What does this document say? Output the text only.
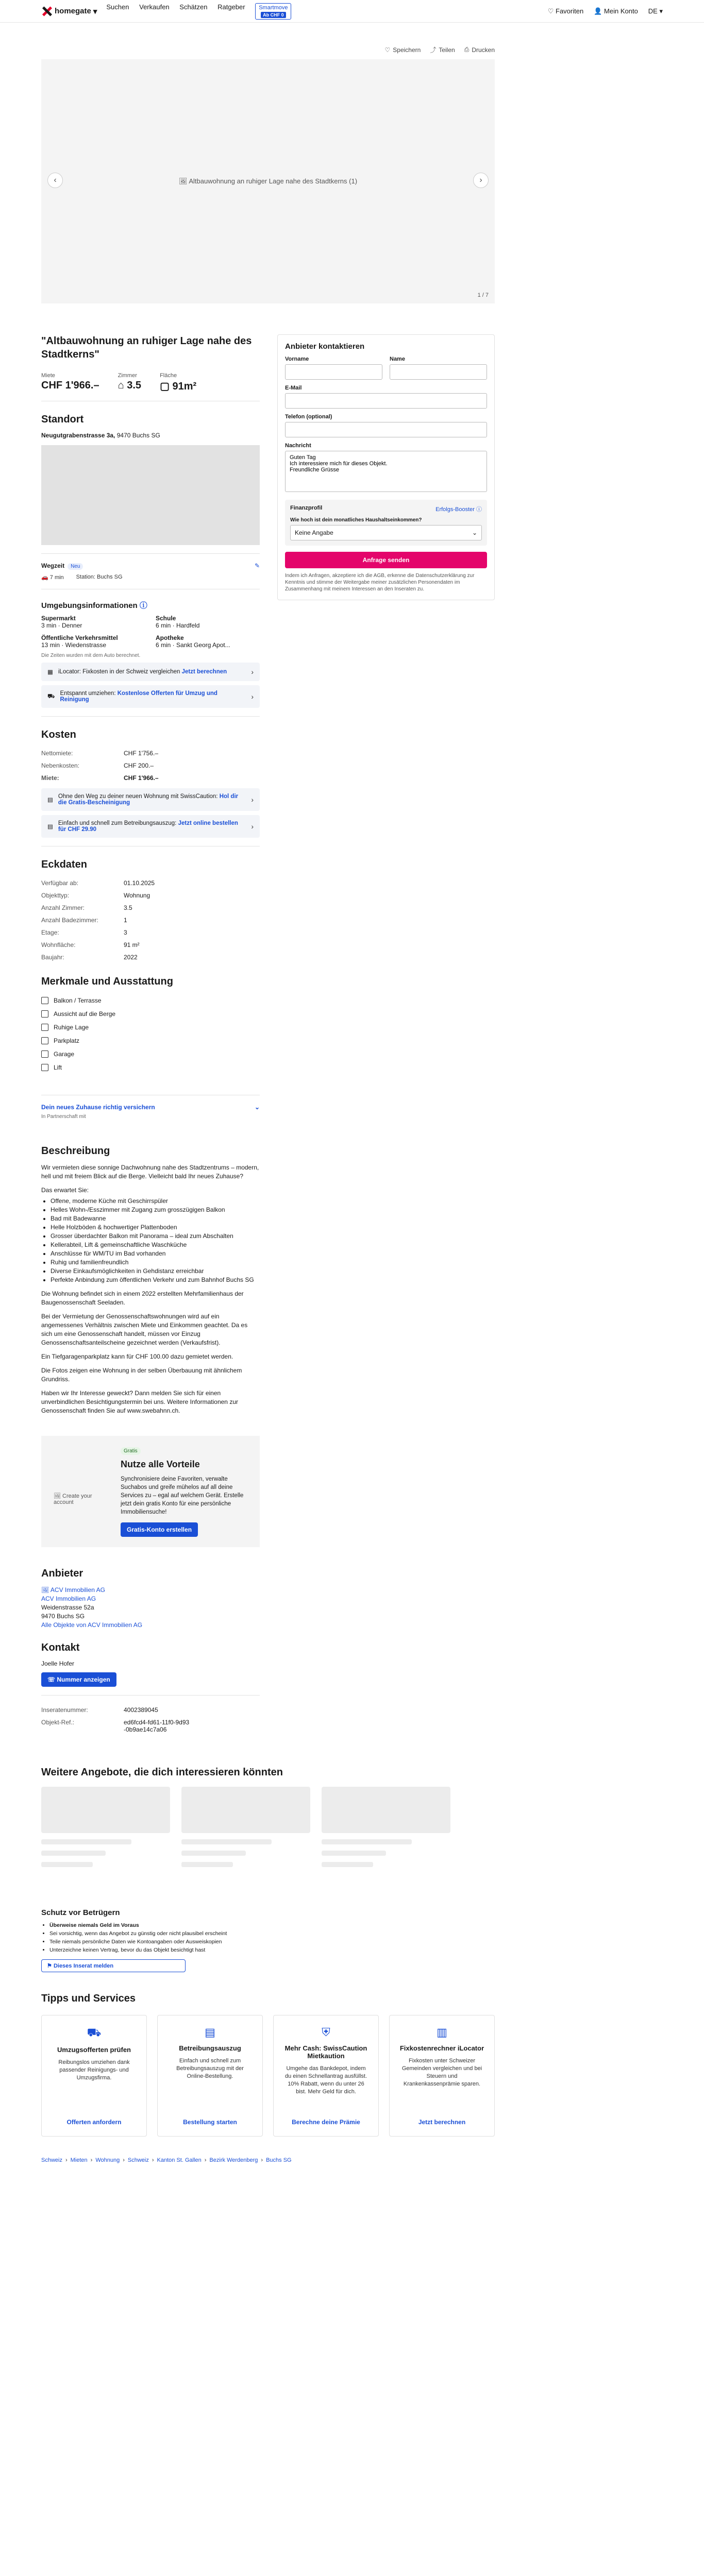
homegate ▾
Suchen Verkaufen Schätzen Ratgeber Smartmove
Ab CHF 0	♡ Favoriten 👤 Mein Konto DE ▾
♡ Speichern ⤴ Teilen ⎙ Drucken
🖼 Altbauwohnung an ruhiger Lage nahe des Stadtkerns (1)
‹	›
1 / 7
"Altbauwohnung an ruhiger Lage nahe des Stadtkerns"
Miete
CHF 1'966.–
Zimmer
⌂ 3.5
Fläche
▢ 91m²
Standort
Neugutgrabenstrasse 3a, 9470 Buchs SG
Wegzeit Neu	✎
🚗 7 min Station: Buchs SG
Umgebungsinformationen ⓘ
Supermarkt
3 min · Denner
Schule
6 min · Hardfeld
Öffentliche Verkehrsmittel
13 min · Wiedenstrasse
Apotheke
6 min · Sankt Georg Apot...
Die Zeiten wurden mit dem Auto berechnet.
▦ iLocator: Fixkosten in der Schweiz vergleichen Jetzt berechnen	›
⛟ Entspannt umziehen: Kostenlose Offerten für Umzug und Reinigung	›
Kosten
Nettomiete:	CHF 1'756.–
Nebenkosten:	CHF 200.–
Miete:	CHF 1'966.–
▤
Ohne den Weg zu deiner neuen Wohnung mit SwissCaution: Hol dir die Gratis-Bescheinigung	›
▤
Einfach und schnell zum Betreibungsauszug: Jetzt online bestellen für CHF 29.90	›
Eckdaten
Verfügbar ab:	01.10.2025
Objekttyp:	Wohnung
Anzahl Zimmer:	3.5
Anzahl Badezimmer:	1
Etage:	3
Wohnfläche:	91 m²
Baujahr:	2022
Merkmale und Ausstattung
Balkon / Terrasse
Aussicht auf die Berge
Ruhige Lage
Parkplatz
Garage
Lift
Dein neues Zuhause richtig versichern	⌄
In Partnerschaft mit
Beschreibung

Wir vermieten diese sonnige Dachwohnung nahe des Stadtzentrums – modern, hell und mit freiem Blick auf die Berge. Vielleicht bald Ihr neues Zuhause?

Das erwartet Sie:

• Offene, moderne Küche mit Geschirrspüler
• Helles Wohn-/Esszimmer mit Zugang zum grosszügigen Balkon
• Bad mit Badewanne
• Helle Holzböden & hochwertiger Plattenboden
• Grosser überdachter Balkon mit Panorama – ideal zum Abschalten
• Kellerabteil, Lift & gemeinschaftliche Waschküche
• Anschlüsse für WM/TU im Bad vorhanden
• Ruhig und familienfreundlich
• Diverse Einkaufsmöglichkeiten in Gehdistanz erreichbar
• Perfekte Anbindung zum öffentlichen Verkehr und zum Bahnhof Buchs SG

Die Wohnung befindet sich in einem 2022 erstellten Mehrfamilienhaus der Baugenossenschaft Seeladen.

Bei der Vermietung der Genossenschaftswohnungen wird auf ein angemessenes Verhältnis zwischen Miete und Einkommen geachtet. Da es sich um eine Genossenschaft handelt, müssen vor Einzug Genossenschaftsanteilscheine gezeichnet werden (Verkaufsfrist).

Ein Tiefgaragenparkplatz kann für CHF 100.00 dazu gemietet werden.

Die Fotos zeigen eine Wohnung in der selben Überbauung mit ähnlichem Grundriss.

Haben wir Ihr Interesse geweckt? Dann melden Sie sich für einen unverbindlichen Besichtigungstermin bei uns. Weitere Informationen zur Genossenschaft finden Sie auf www.swebahnn.ch.

🖼 Create your account
Gratis
Nutze alle Vorteile
Synchronisiere deine Favoriten, verwalte Suchabos und greife mühelos auf all deine Services zu – egal auf welchem Gerät. Erstelle jetzt dein gratis Konto für eine persönliche Immobiliensuche!
Gratis-Konto erstellen
Anbieter
🖼 ACV Immobilien AG
ACV Immobilien AG
Weidenstrasse 52a
9470 Buchs SG
Alle Objekte von ACV Immobilien AG
Kontakt
Joelle Hofer
☏ Nummer anzeigen
Inseratenummer:	4002389045
Objekt-Ref.:	ed6fcd4-fd61-11f0-9d93-0b9ae14c7a06
Anbieter kontaktieren
Vorname	Name
E-Mail
Telefon (optional)
Nachricht
Guten Tag Ich interessiere mich für dieses Objekt. Freundliche Grüsse
Finanzprofil	Erfolgs-Booster ⓘ
Wie hoch ist dein monatliches Haushaltseinkommen?
Keine Angabe	⌄
Anfrage senden
Indem ich Anfragen, akzeptiere ich die AGB, erkenne die Datenschutzerklärung zur Kenntnis und stimme der Weitergabe meiner zusätzlichen Personendaten im Zusammenhang mit meinem Interessen an den Inseraten zu.
Weitere Angebote, die dich interessieren könnten
Schutz vor Betrügern
• Überweise niemals Geld im Voraus
• Sei vorsichtig, wenn das Angebot zu günstig oder nicht plausibel erscheint
• Teile niemals persönliche Daten wie Kontoangaben oder Ausweiskopien
• Unterzeichne keinen Vertrag, bevor du das Objekt besichtigt hast
⚑ Dieses Inserat melden
Tipps und Services
⛟
Umzugsofferten prüfen
Reibungslos umziehen dank passender Reinigungs- und Umzugsfirma.
Offerten anfordern
▤
Betreibungsauszug
Einfach und schnell zum Betreibungsauszug mit der Online-Bestellung.
Bestellung starten
⛨
Mehr Cash: SwissCaution Mietkaution
Umgehe das Bankdepot, indem du einen Schnellantrag ausfüllst. 10% Rabatt, wenn du unter 26 bist. Mehr Geld für dich.
Berechne deine Prämie
▥
Fixkostenrechner iLocator
Fixkosten unter Schweizer Gemeinden vergleichen und bei Steuern und Krankenkassenprämie sparen.
Jetzt berechnen
Schweiz › Mieten › Wohnung › Schweiz › Kanton St. Gallen › Bezirk Werdenberg › Buchs SG
